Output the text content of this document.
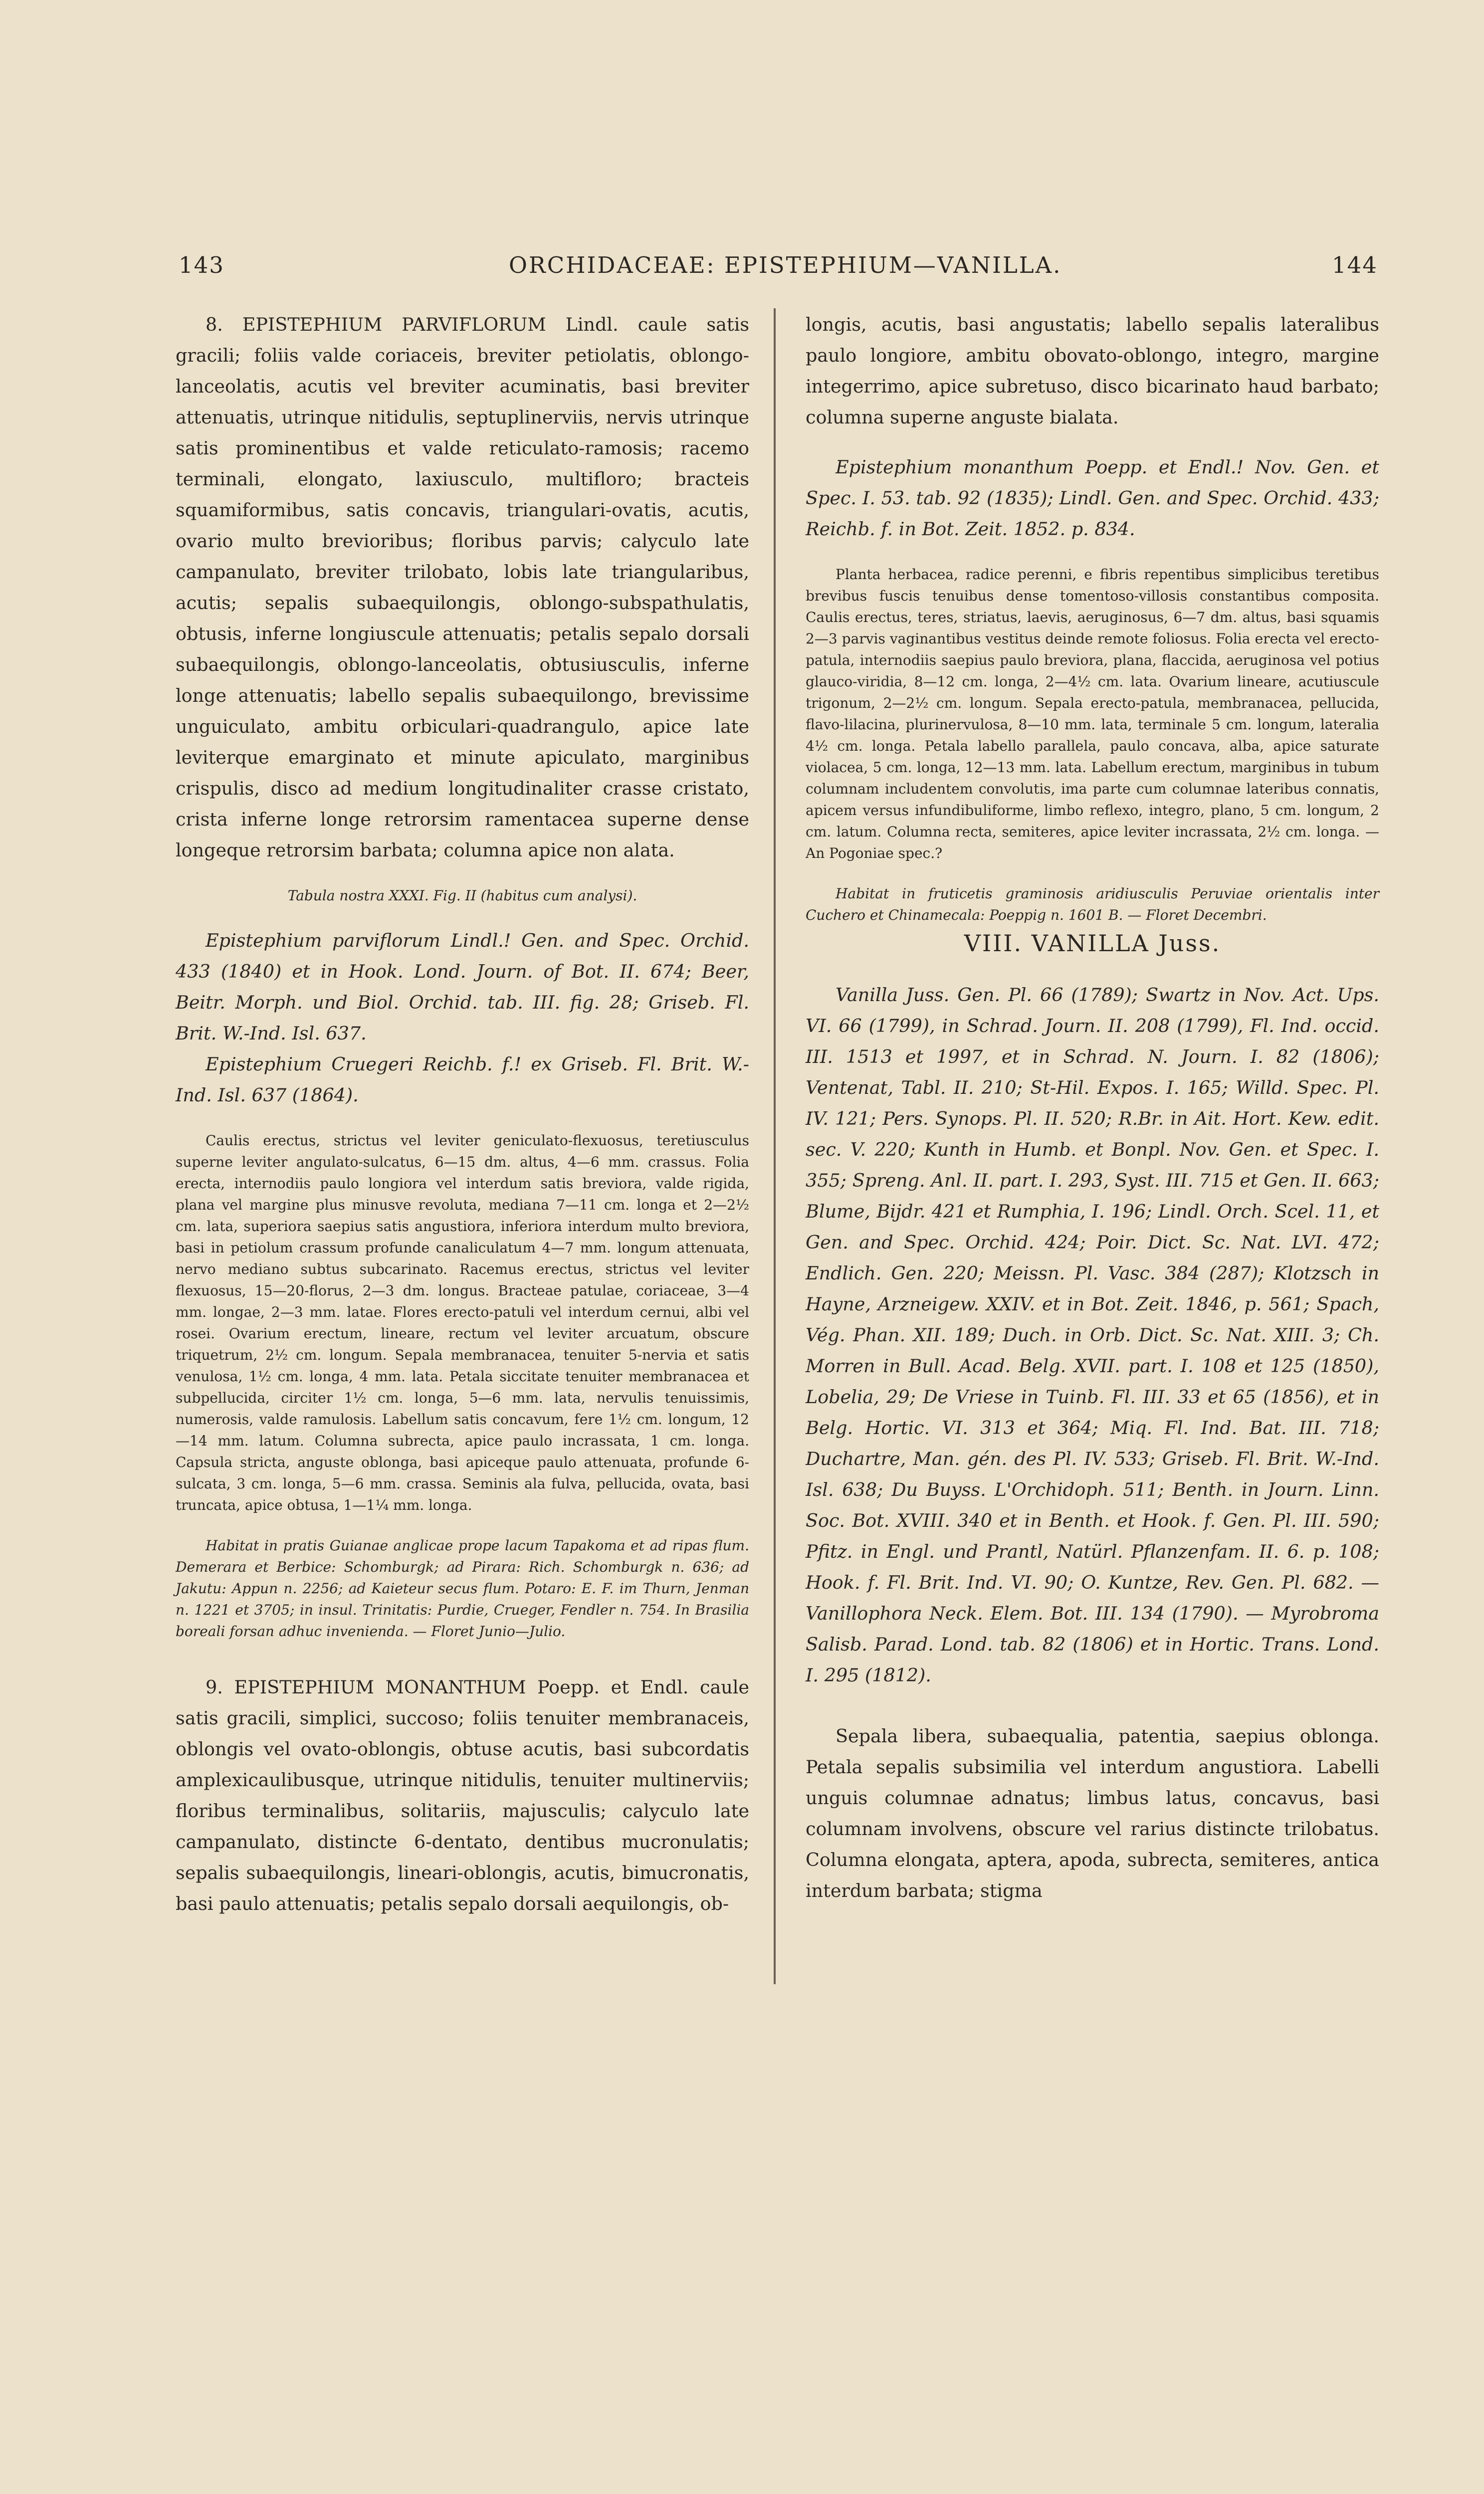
143	ORCHIDACEAE: EPISTEPHIUM—VANILLA.	144

8. EPISTEPHIUM PARVIFLORUM Lindl. caule satis gracili; foliis valde coriaceis, breviter petiolatis, oblongo-lanceolatis, acutis vel breviter acuminatis, basi breviter attenuatis, utrinque nitidulis, septuplinerviis, nervis utrinque satis prominentibus et valde reticulato-ramosis; racemo terminali, elongato, laxiusculo, multifloro; bracteis squamiformibus, satis concavis, triangulari-ovatis, acutis, ovario multo brevioribus; floribus parvis; calyculo late campanulato, breviter trilobato, lobis late triangularibus, acutis; sepalis subaequilongis, oblongo-subspathulatis, obtusis, inferne longiuscule attenuatis; petalis sepalo dorsali subaequilongis, oblongo-lanceolatis, obtusiusculis, inferne longe attenuatis; labello sepalis subaequilongo, brevissime unguiculato, ambitu orbiculari-quadrangulo, apice late leviterque emarginato et minute apiculato, marginibus crispulis, disco ad medium longitudinaliter crasse cristato, crista inferne longe retrorsim ramentacea superne dense longeque retrorsim barbata; columna apice non alata.

Tabula nostra XXXI. Fig. II (habitus cum analysi).

Epistephium parviflorum Lindl.! Gen. and Spec. Orchid. 433 (1840) et in Hook. Lond. Journ. of Bot. II. 674; Beer, Beitr. Morph. und Biol. Orchid. tab. III. fig. 28; Griseb. Fl. Brit. W.-Ind. Isl. 637.

Epistephium Cruegeri Reichb. f.! ex Griseb. Fl. Brit. W.-Ind. Isl. 637 (1864).

Caulis erectus, strictus vel leviter geniculato-flexuosus, teretiusculus superne leviter angulato-sulcatus, 6—15 dm. altus, 4—6 mm. crassus. Folia erecta, internodiis paulo longiora vel interdum satis breviora, valde rigida, plana vel margine plus minusve revoluta, mediana 7—11 cm. longa et 2—2½ cm. lata, superiora saepius satis angustiora, inferiora interdum multo breviora, basi in petiolum crassum profunde canaliculatum 4—7 mm. longum attenuata, nervo mediano subtus subcarinato. Racemus erectus, strictus vel leviter flexuosus, 15—20-florus, 2—3 dm. longus. Bracteae patulae, coriaceae, 3—4 mm. longae, 2—3 mm. latae. Flores erecto-patuli vel interdum cernui, albi vel rosei. Ovarium erectum, lineare, rectum vel leviter arcuatum, obscure triquetrum, 2½ cm. longum. Sepala membranacea, tenuiter 5-nervia et satis venulosa, 1½ cm. longa, 4 mm. lata. Petala siccitate tenuiter membranacea et subpellucida, circiter 1½ cm. longa, 5—6 mm. lata, nervulis tenuissimis, numerosis, valde ramulosis. Labellum satis concavum, fere 1½ cm. longum, 12—14 mm. latum. Columna subrecta, apice paulo incrassata, 1 cm. longa. Capsula stricta, anguste oblonga, basi apiceque paulo attenuata, profunde 6-sulcata, 3 cm. longa, 5—6 mm. crassa. Seminis ala fulva, pellucida, ovata, basi truncata, apice obtusa, 1—1¼ mm. longa.

Habitat in pratis Guianae anglicae prope lacum Tapakoma et ad ripas flum. Demerara et Berbice: Schomburgk; ad Pirara: Rich. Schomburgk n. 636; ad Jakutu: Appun n. 2256; ad Kaieteur secus flum. Potaro: E. F. im Thurn, Jenman n. 1221 et 3705; in insul. Trinitatis: Purdie, Crueger, Fendler n. 754. In Brasilia boreali forsan adhuc invenienda. — Floret Junio—Julio.

9. EPISTEPHIUM MONANTHUM Poepp. et Endl. caule satis gracili, simplici, succoso; foliis tenuiter membranaceis, oblongis vel ovato-oblongis, obtuse acutis, basi subcordatis amplexicaulibusque, utrinque nitidulis, tenuiter multinerviis; floribus terminalibus, solitariis, majusculis; calyculo late campanulato, distincte 6-dentato, dentibus mucronulatis; sepalis subaequilongis, lineari-oblongis, acutis, bimucronatis, basi paulo attenuatis; petalis sepalo dorsali aequilongis, ob-

longis, acutis, basi angustatis; labello sepalis lateralibus paulo longiore, ambitu obovato-oblongo, integro, margine integerrimo, apice subretuso, disco bicarinato haud barbato; columna superne anguste bialata.

Epistephium monanthum Poepp. et Endl.! Nov. Gen. et Spec. I. 53. tab. 92 (1835); Lindl. Gen. and Spec. Orchid. 433; Reichb. f. in Bot. Zeit. 1852. p. 834.

Planta herbacea, radice perenni, e fibris repentibus simplicibus teretibus brevibus fuscis tenuibus dense tomentoso-villosis constantibus composita. Caulis erectus, teres, striatus, laevis, aeruginosus, 6—7 dm. altus, basi squamis 2—3 parvis vaginantibus vestitus deinde remote foliosus. Folia erecta vel erecto-patula, internodiis saepius paulo breviora, plana, flaccida, aeruginosa vel potius glauco-viridia, 8—12 cm. longa, 2—4½ cm. lata. Ovarium lineare, acutiuscule trigonum, 2—2½ cm. longum. Sepala erecto-patula, membranacea, pellucida, flavo-lilacina, plurinervulosa, 8—10 mm. lata, terminale 5 cm. longum, lateralia 4½ cm. longa. Petala labello parallela, paulo concava, alba, apice saturate violacea, 5 cm. longa, 12—13 mm. lata. Labellum erectum, marginibus in tubum columnam includentem convolutis, ima parte cum columnae lateribus connatis, apicem versus infundibuliforme, limbo reflexo, integro, plano, 5 cm. longum, 2 cm. latum. Columna recta, semiteres, apice leviter incrassata, 2½ cm. longa. — An Pogoniae spec.?

Habitat in fruticetis graminosis aridiusculis Peruviae orientalis inter Cuchero et Chinamecala: Poeppig n. 1601 B. — Floret Decembri.

VIII. VANILLA Juss.

Vanilla Juss. Gen. Pl. 66 (1789); Swartz in Nov. Act. Ups. VI. 66 (1799), in Schrad. Journ. II. 208 (1799), Fl. Ind. occid. III. 1513 et 1997, et in Schrad. N. Journ. I. 82 (1806); Ventenat, Tabl. II. 210; St-Hil. Expos. I. 165; Willd. Spec. Pl. IV. 121; Pers. Synops. Pl. II. 520; R.Br. in Ait. Hort. Kew. edit. sec. V. 220; Kunth in Humb. et Bonpl. Nov. Gen. et Spec. I. 355; Spreng. Anl. II. part. I. 293, Syst. III. 715 et Gen. II. 663; Blume, Bijdr. 421 et Rumphia, I. 196; Lindl. Orch. Scel. 11, et Gen. and Spec. Orchid. 424; Poir. Dict. Sc. Nat. LVI. 472; Endlich. Gen. 220; Meissn. Pl. Vasc. 384 (287); Klotzsch in Hayne, Arzneigew. XXIV. et in Bot. Zeit. 1846, p. 561; Spach, Vég. Phan. XII. 189; Duch. in Orb. Dict. Sc. Nat. XIII. 3; Ch. Morren in Bull. Acad. Belg. XVII. part. I. 108 et 125 (1850), Lobelia, 29; De Vriese in Tuinb. Fl. III. 33 et 65 (1856), et in Belg. Hortic. VI. 313 et 364; Miq. Fl. Ind. Bat. III. 718; Duchartre, Man. gén. des Pl. IV. 533; Griseb. Fl. Brit. W.-Ind. Isl. 638; Du Buyss. L'Orchidoph. 511; Benth. in Journ. Linn. Soc. Bot. XVIII. 340 et in Benth. et Hook. f. Gen. Pl. III. 590; Pfitz. in Engl. und Prantl, Natürl. Pflanzenfam. II. 6. p. 108; Hook. f. Fl. Brit. Ind. VI. 90; O. Kuntze, Rev. Gen. Pl. 682. — Vanillophora Neck. Elem. Bot. III. 134 (1790). — Myrobroma Salisb. Parad. Lond. tab. 82 (1806) et in Hortic. Trans. Lond. I. 295 (1812).

Sepala libera, subaequalia, patentia, saepius oblonga. Petala sepalis subsimilia vel interdum angustiora. Labelli unguis columnae adnatus; limbus latus, concavus, basi columnam involvens, obscure vel rarius distincte trilobatus. Columna elongata, aptera, apoda, subrecta, semiteres, antica interdum barbata; stigma
